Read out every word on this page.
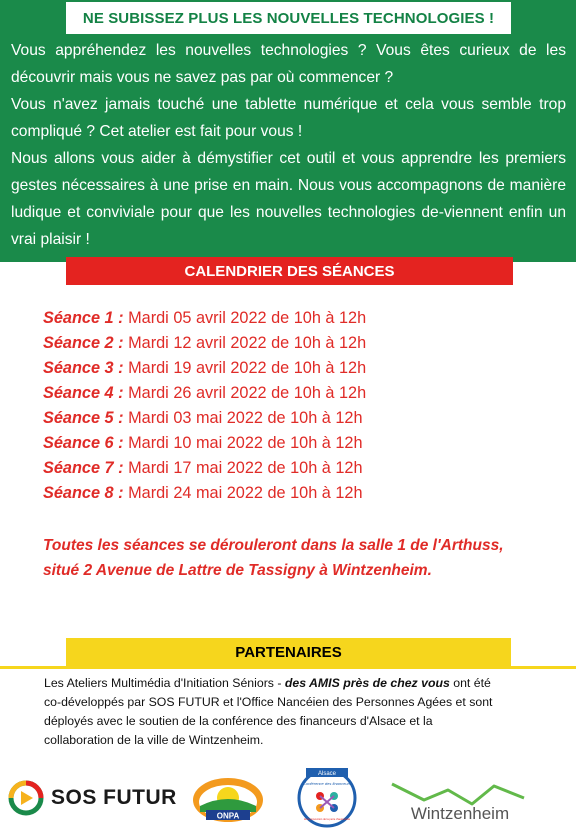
NE SUBISSEZ PLUS LES NOUVELLES TECHNOLOGIES !

Vous appréhendez les nouvelles technologies ? Vous êtes curieux de les découvrir mais vous ne savez pas par où commencer ?

Vous n'avez jamais touché une tablette numérique et cela vous semble trop compliqué ? Cet atelier est fait pour vous !

Nous allons vous aider à démystifier cet outil et vous apprendre les premiers gestes nécessaires à une prise en main. Nous vous accompagnons de manière ludique et conviviale pour que les nouvelles technologies de-viennent enfin un vrai plaisir !

CALENDRIER DES SÉANCES
Séance 1 : Mardi 05 avril 2022 de 10h à 12h
Séance 2 : Mardi 12 avril 2022 de 10h à 12h
Séance 3 : Mardi 19 avril 2022 de 10h à 12h
Séance 4 : Mardi 26 avril 2022 de 10h à 12h
Séance 5 : Mardi 03 mai 2022 de 10h à 12h
Séance 6 : Mardi 10 mai 2022 de 10h à 12h
Séance 7 : Mardi 17 mai 2022 de 10h à 12h
Séance 8 : Mardi 24 mai 2022 de 10h à 12h
Toutes les séances se dérouleront dans la salle 1 de l'Arthuss,
situé 2 Avenue de Lattre de Tassigny à Wintzenheim.
PARTENAIRES
Les Ateliers Multimédia d'Initiation Séniors - des AMIS près de chez vous ont été
co-développés par SOS FUTUR et l'Office Nancéien des Personnes Agées et sont
déployés avec le soutien de la conférence des financeurs d'Alsace et la
collaboration de la ville de Wintzenheim.
SOS FUTUR
ONPA
Alsace
Conférence des financeurs
de la prévention de la perte d'autonomie	Wintzenheim
